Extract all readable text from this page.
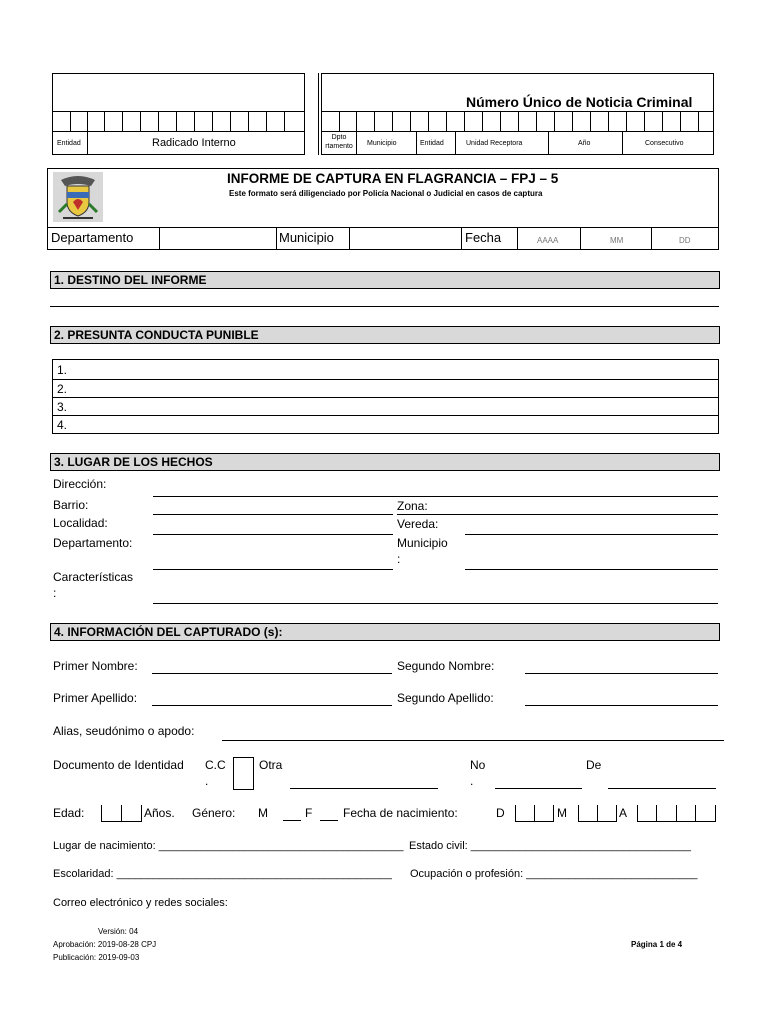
Entidad	Radicado Interno
Número Único de Noticia Criminal
Dpto rtamento	Municipio	Entidad	Unidad Receptora	Año	Consecutivo
INFORME DE CAPTURA EN FLAGRANCIA – FPJ – 5
Este formato será diligenciado por Policía Nacional o Judicial en casos de captura
Departamento	Municipio	Fecha	AAAA	MM	DD
1. DESTINO DEL INFORME
2. PRESUNTA CONDUCTA PUNIBLE
1.
2.
3.
4.
3. LUGAR DE LOS HECHOS
Dirección:
Barrio:	Zona:
Localidad:	Vereda:
Departamento:	Municipio
:
Características
:
4. INFORMACIÓN DEL CAPTURADO (s):
Primer Nombre:	Segundo Nombre:
Primer Apellido:	Segundo Apellido:
Alias, seudónimo o apodo:
Documento de Identidad C.C	Otra
.
No
.
De
Edad:	Años. Género: M	F	Fecha de nacimiento:	D	M	A
Lugar de nacimiento: ________________________________________ Estado civil: ____________________________________
Escolaridad: _____________________________________________ Ocupación o profesión: ____________________________
Correo electrónico y redes sociales:
Versión: 04
Aprobación: 2019-08-28 CPJ
Publicación: 2019-09-03
Página 1 de 4
